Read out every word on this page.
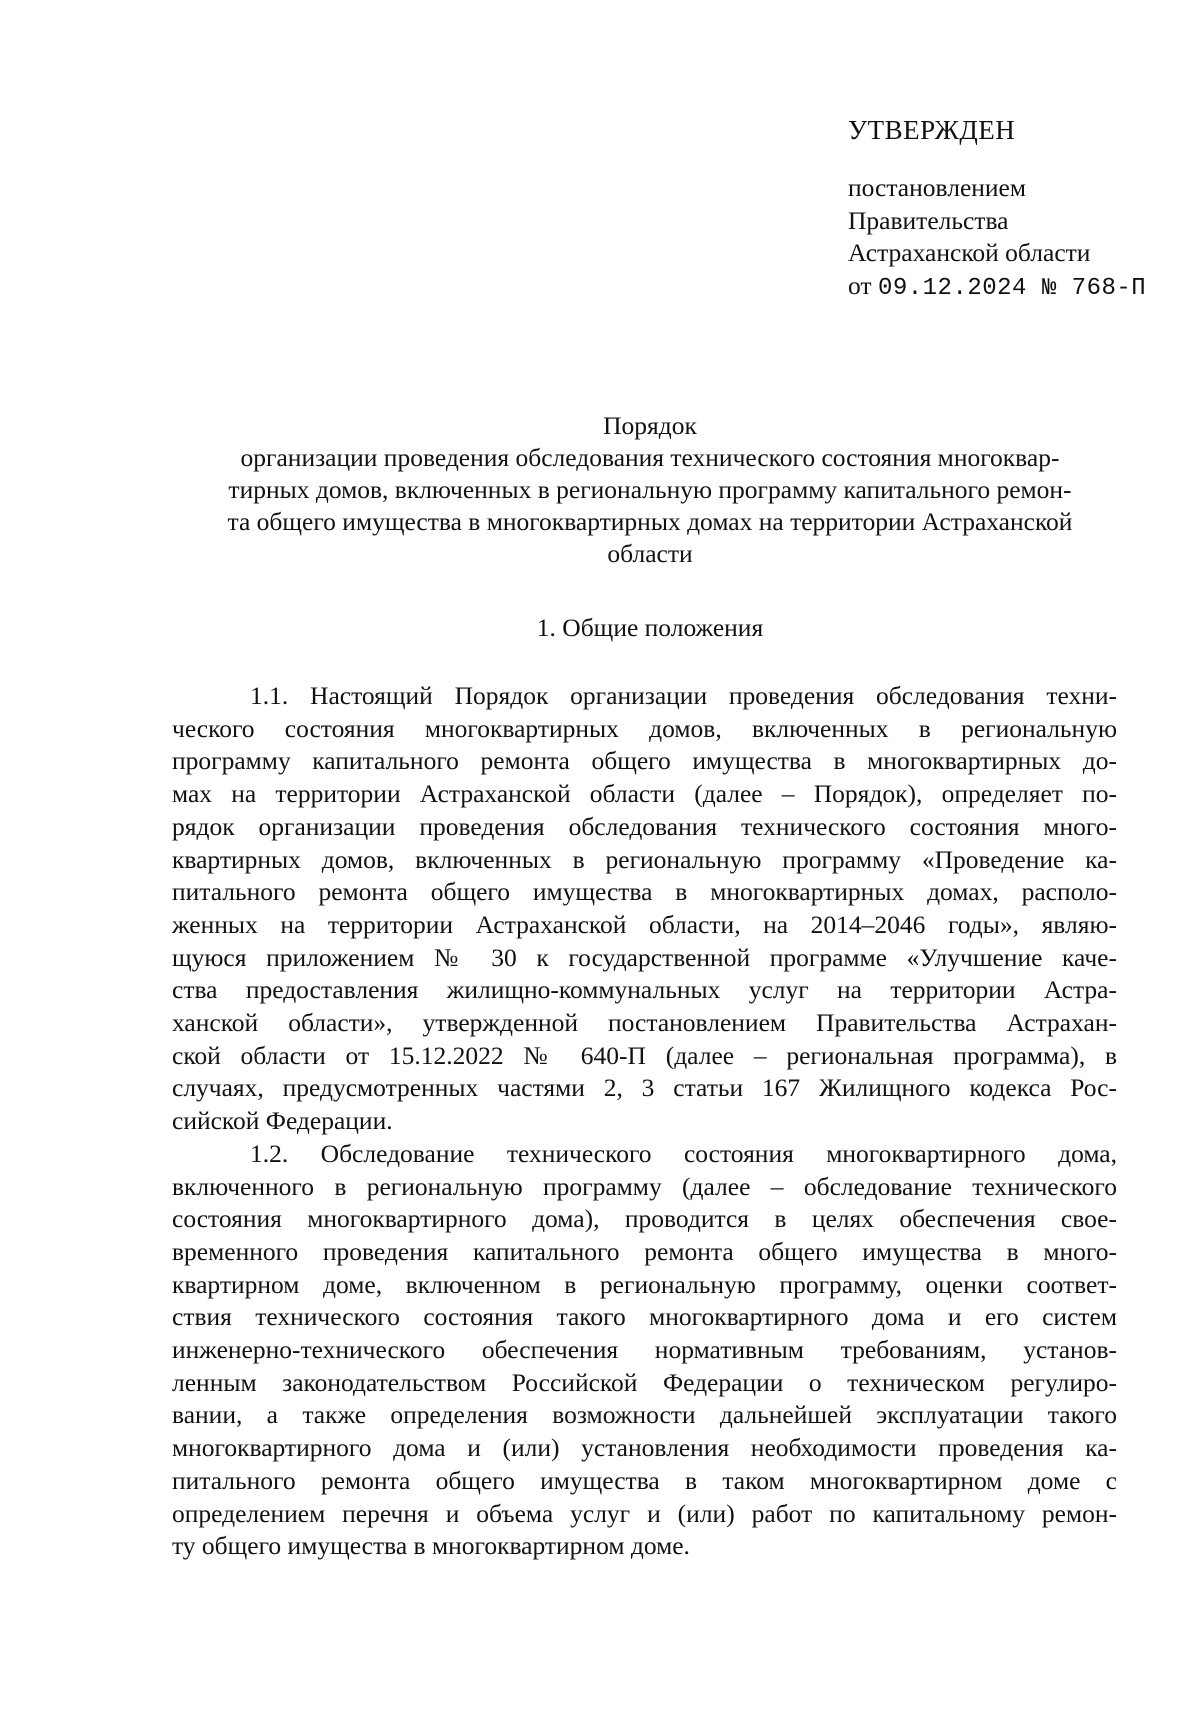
УТВЕРЖДЕН
постановлением
Правительства
Астраханской области
от 09.12.2024 № 768-П
Порядок
организации проведения обследования технического состояния многоквар-
тирных домов, включенных в региональную программу капитального ремон-
та общего имущества в многоквартирных домах на территории Астраханской
области
1. Общие положения
1.1. Настоящий Порядок организации проведения обследования техни-
ческого состояния многоквартирных домов, включенных в региональную
программу капитального ремонта общего имущества в многоквартирных до-
мах на территории Астраханской области (далее – Порядок), определяет по-
рядок организации проведения обследования технического состояния много-
квартирных домов, включенных в региональную программу «Проведение ка-
питального ремонта общего имущества в многоквартирных домах, располо-
женных на территории Астраханской области, на 2014–2046 годы», являю-
щуюся приложением № 30 к государственной программе «Улучшение каче-
ства предоставления жилищно-коммунальных услуг на территории Астра-
ханской области», утвержденной постановлением Правительства Астрахан-
ской области от 15.12.2022 № 640-П (далее – региональная программа), в
случаях, предусмотренных частями 2, 3 статьи 167 Жилищного кодекса Рос-
сийской Федерации.
1.2. Обследование технического состояния многоквартирного дома,
включенного в региональную программу (далее – обследование технического
состояния многоквартирного дома), проводится в целях обеспечения свое-
временного проведения капитального ремонта общего имущества в много-
квартирном доме, включенном в региональную программу, оценки соответ-
ствия технического состояния такого многоквартирного дома и его систем
инженерно-технического обеспечения нормативным требованиям, установ-
ленным законодательством Российской Федерации о техническом регулиро-
вании, а также определения возможности дальнейшей эксплуатации такого
многоквартирного дома и (или) установления необходимости проведения ка-
питального ремонта общего имущества в таком многоквартирном доме с
определением перечня и объема услуг и (или) работ по капитальному ремон-
ту общего имущества в многоквартирном доме.
